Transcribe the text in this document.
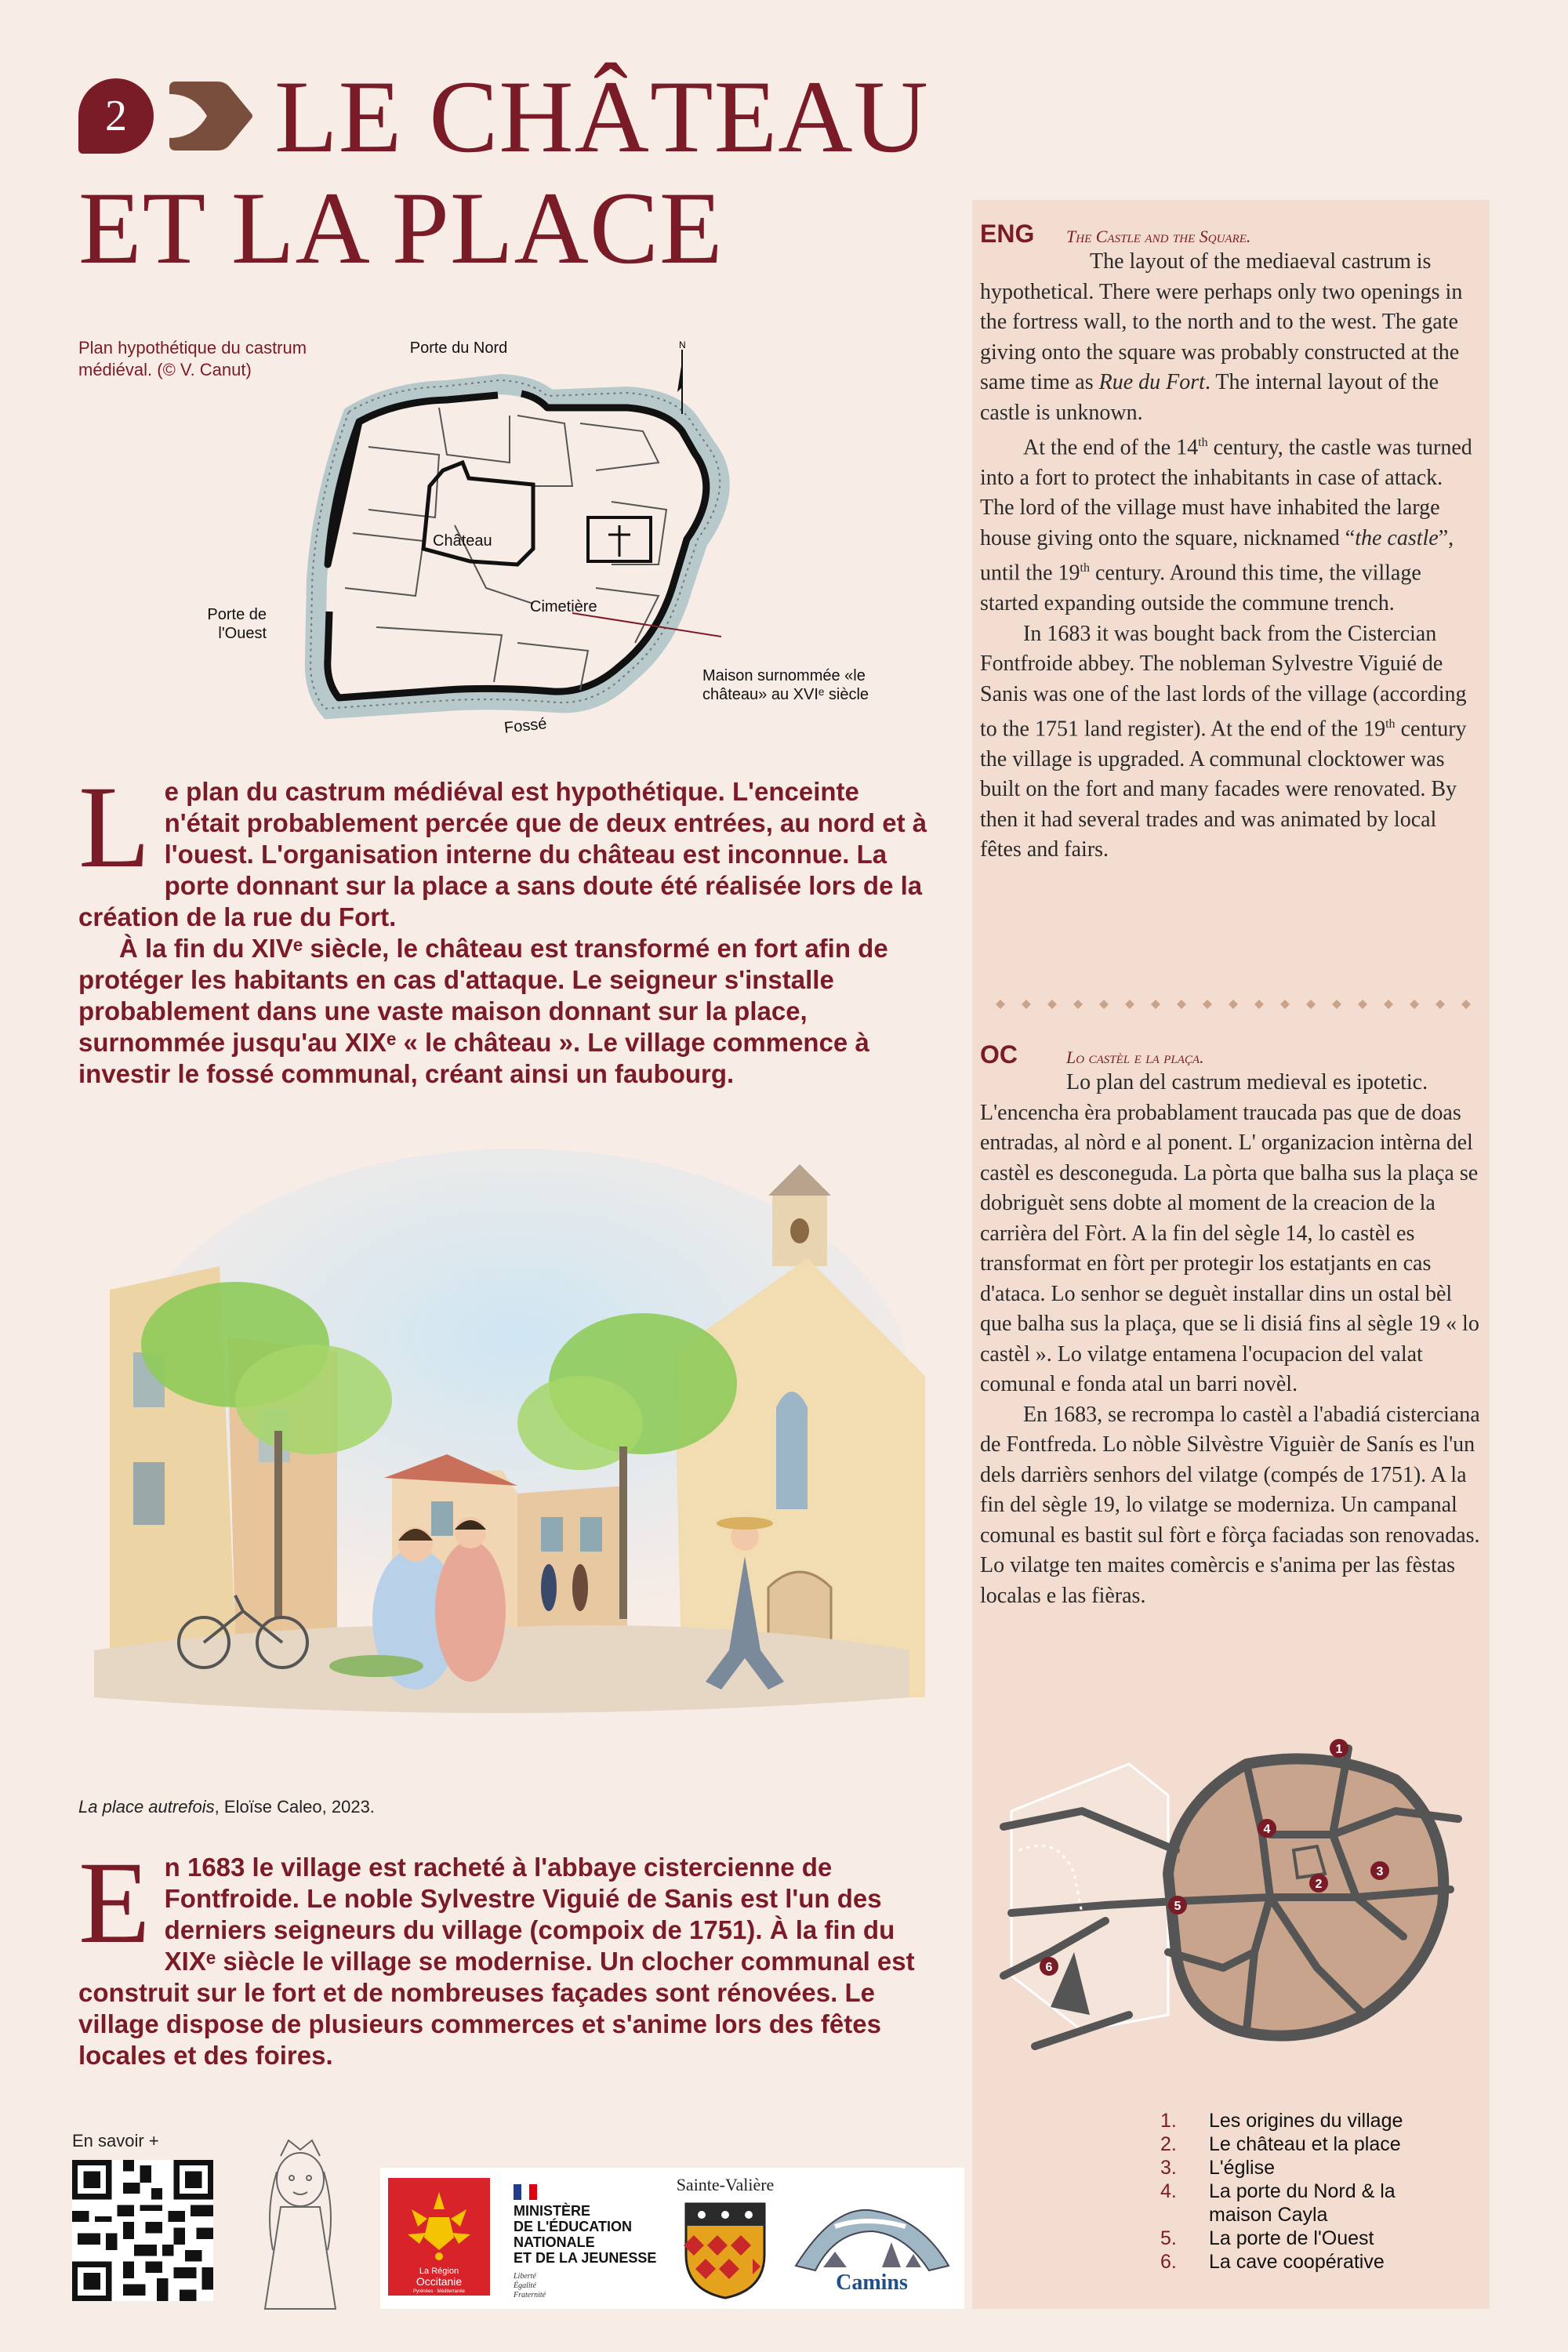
2	LE CHÂTEAU
ET LA PLACE
Plan hypothétique du castrum médiéval. (© V. Canut)
N
Porte du Nord
Château
Cimetière
Porte de l'Ouest
Maison surnommée «le château» au XVIᵉ siècle
Fossé
L e plan du castrum médiéval est hypothétique. L'enceinte n'était probablement percée que de deux entrées, au nord et à l'ouest. L'organisation interne du château est inconnue. La porte donnant sur la place a sans doute été réalisée lors de la création de la rue du Fort.

À la fin du XIVᵉ siècle, le château est transformé en fort afin de protéger les habitants en cas d'attaque. Le seigneur s'installe probablement dans une vaste maison donnant sur la place, surnommée jusqu'au XIXᵉ « le château ». Le village commence à investir le fossé communal, créant ainsi un faubourg.

La place autrefois, Eloïse Caleo, 2023.
E n 1683 le village est racheté à l'abbaye cistercienne de Fontfroide. Le noble Sylvestre Viguié de Sanis est l'un des derniers seigneurs du village (compoix de 1751). À la fin du XIXᵉ siècle le village se modernise. Un clocher communal est construit sur le fort et de nombreuses façades sont rénovées. Le village dispose de plusieurs commerces et s'anime lors des fêtes locales et des foires.

ENG	The Castle and the Square.

The layout of the mediaeval castrum is hypothetical. There were perhaps only two openings in the fortress wall, to the north and to the west. The gate giving onto the square was probably constructed at the same time as Rue du Fort. The internal layout of the castle is unknown.

At the end of the 14th century, the castle was turned into a fort to protect the inhabitants in case of attack. The lord of the village must have inhabited the large house giving onto the square, nicknamed “the castle”, until the 19th century. Around this time, the village started expanding outside the commune trench.

In 1683 it was bought back from the Cistercian Fontfroide abbey. The nobleman Sylvestre Viguié de Sanis was one of the last lords of the village (according to the 1751 land register). At the end of the 19th century the village is upgraded. A communal clocktower was built on the fort and many facades were renovated. By then it had several trades and was animated by local fêtes and fairs.

OC	Lo castèl e la plaça.

Lo plan del castrum medieval es ipotetic. L'encencha èra probablament traucada pas que de doas entradas, al nòrd e al ponent. L' organizacion intèrna del castèl es desconeguda. La pòrta que balha sus la plaça se dobriguèt sens dobte al moment de la creacion de la carrièra del Fòrt. A la fin del sègle 14, lo castèl es transformat en fòrt per protegir los estatjants en cas d'ataca. Lo senhor se deguèt installar dins un ostal bèl que balha sus la plaça, que se li disiá fins al sègle 19 « lo castèl ». Lo vilatge entamena l'ocupacion del valat comunal e fonda atal un barri novèl.

En 1683, se recrompa lo castèl a l'abadiá cisterciana de Fontfreda. Lo nòble Silvèstre Viguièr de Sanís es l'un dels darrièrs senhors del vilatge (compés de 1751). A la fin del sègle 19, lo vilatge se moderniza. Un campanal comunal es bastit sul fòrt e fòrça faciadas son renovadas. Lo vilatge ten maites comèrcis e s'anima per las fèstas localas e las fièras.

1
2
3
4
5
6
1.	Les origines du village
2.	Le château et la place
3.	L'église
4.	La porte du Nord & la maison Cayla
5.	La porte de l'Ouest
6.	La cave coopérative
En savoir +
La Région
Occitanie
Pyrénées · Méditerranée
MINISTÈRE
DE L'ÉDUCATION
NATIONALE
ET DE LA JEUNESSE
Liberté
Égalité
Fraternité
Sainte-Valière
Camins
